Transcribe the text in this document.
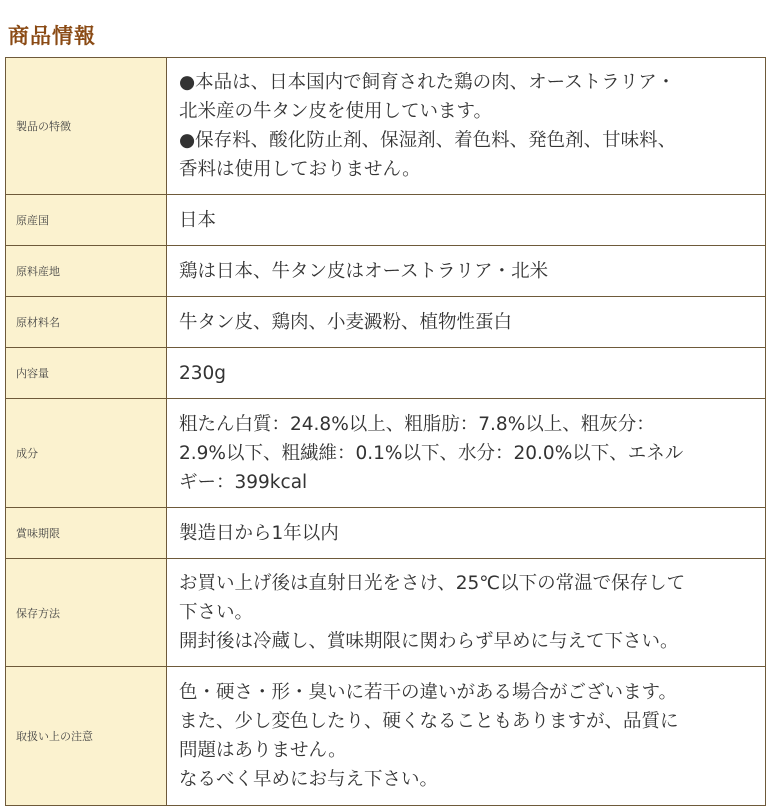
商品情報
製品の特徴	●本品は、日本国内で飼育された鶏の肉、オーストラリア・
北米産の牛タン皮を使用しています。
●保存料、酸化防止剤、保湿剤、着色料、発色剤、甘味料、
香料は使用しておりません。

原産国	日本

原料産地	鶏は日本、牛タン皮はオーストラリア・北米

原材料名	牛タン皮、鶏肉、小麦澱粉、植物性蛋白

内容量	230g

成分	粗たん白質：24.8%以上、粗脂肪：7.8%以上、粗灰分：
2.9%以下、粗繊維：0.1%以下、水分：20.0%以下、エネル
ギー：399kcal

賞味期限	製造日から1年以内

保存方法	お買い上げ後は直射日光をさけ、25℃以下の常温で保存して
下さい。
開封後は冷蔵し、賞味期限に関わらず早めに与えて下さい。

取扱い上の注意	色・硬さ・形・臭いに若干の違いがある場合がございます。
また、少し変色したり、硬くなることもありますが、品質に
問題はありません。
なるべく早めにお与え下さい。
